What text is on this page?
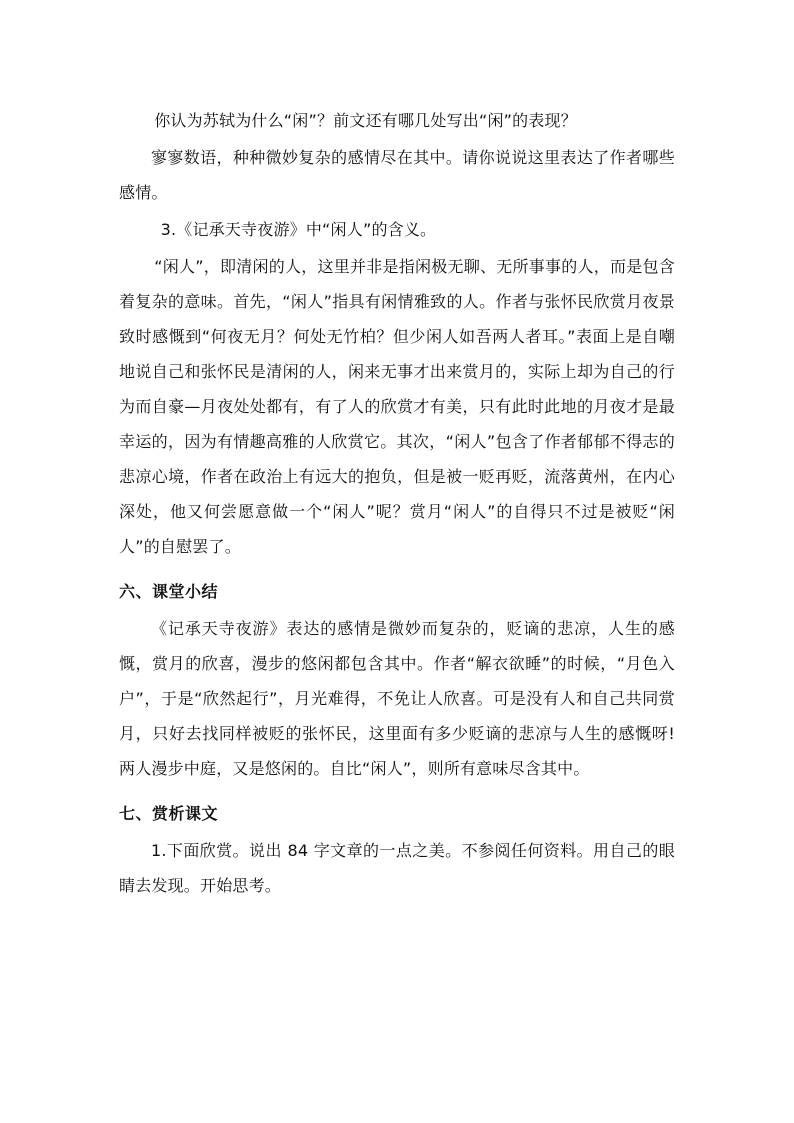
你认为苏轼为什么“闲”？前文还有哪几处写出“闲”的表现？

寥寥数语，种种微妙复杂的感情尽在其中。请你说说这里表达了作者哪些感情。

3.《记承天寺夜游》中“闲人”的含义。

“闲人”，即清闲的人，这里并非是指闲极无聊、无所事事的人，而是包含着复杂的意味。首先，“闲人”指具有闲情雅致的人。作者与张怀民欣赏月夜景致时感慨到“何夜无月？何处无竹柏？但少闲人如吾两人者耳。”表面上是自嘲地说自己和张怀民是清闲的人，闲来无事才出来赏月的，实际上却为自己的行为而自豪—月夜处处都有，有了人的欣赏才有美，只有此时此地的月夜才是最幸运的，因为有情趣高雅的人欣赏它。其次，“闲人”包含了作者郁郁不得志的悲凉心境，作者在政治上有远大的抱负，但是被一贬再贬，流落黄州，在内心深处，他又何尝愿意做一个“闲人”呢？赏月“闲人”的自得只不过是被贬“闲人”的自慰罢了。

六、课堂小结

《记承天寺夜游》表达的感情是微妙而复杂的，贬谪的悲凉，人生的感慨，赏月的欣喜，漫步的悠闲都包含其中。作者“解衣欲睡”的时候，“月色入户”，于是“欣然起行”，月光难得，不免让人欣喜。可是没有人和自己共同赏月，只好去找同样被贬的张怀民，这里面有多少贬谪的悲凉与人生的感慨呀!两人漫步中庭，又是悠闲的。自比“闲人”，则所有意味尽含其中。

七、赏析课文

1.下面欣赏。说出 84 字文章的一点之美。不参阅任何资料。用自己的眼睛去发现。开始思考。
